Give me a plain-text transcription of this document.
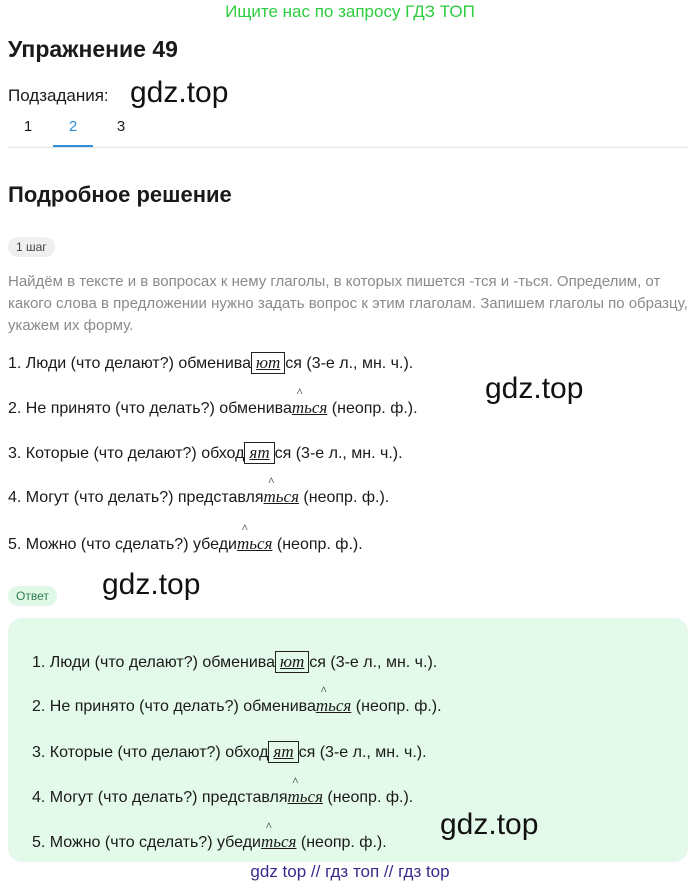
Ищите нас по запросу ГДЗ ТОП
Упражнение 49
Подзадания: gdz.top
1	2	3
Подробное решение
1 шаг
Найдём в тексте и в вопросах к нему глаголы, в которых пишется -тся и -ться. Определим, от какого слова в предложении нужно задать вопрос к этим глаголам. Запишем глаголы по образцу, укажем их форму.
1. Люди (что делают?) обменива ют ся (3-е л., мн. ч.).
2. Не принято (что делать?) обменива^ ться (неопр. ф.).
3. Которые (что делают?) обход ят ся (3-е л., мн. ч.).
4. Могут (что делать?) представля^ ться (неопр. ф.).
5. Можно (что сделать?) убеди^ ться (неопр. ф.).
gdz.top
Ответ gdz.top
1. Люди (что делают?) обменива ют ся (3-е л., мн. ч.).
2. Не принято (что делать?) обменива^ ться (неопр. ф.).
3. Которые (что делают?) обход ят ся (3-е л., мн. ч.).
4. Могут (что делать?) представля^ ться (неопр. ф.).
5. Можно (что сделать?) убеди^ ться (неопр. ф.).
gdz.top
gdz top // гдз топ // гдз top
